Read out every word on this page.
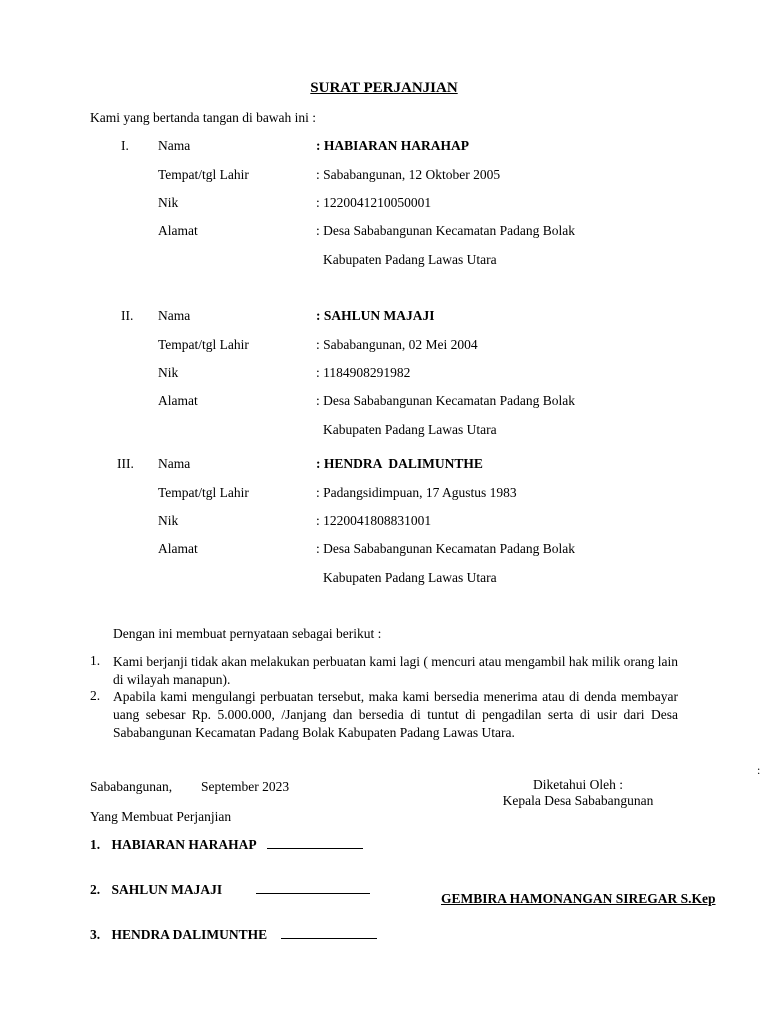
SURAT PERJANJIAN
Kami yang bertanda tangan di bawah ini :
I. Nama	: HABIARAN HARAHAP
Tempat/tgl Lahir	: Sababangunan, 12 Oktober 2005
Nik	: 1220041210050001
Alamat	: Desa Sababangunan Kecamatan Padang Bolak
Kabupaten Padang Lawas Utara
II. Nama	: SAHLUN MAJAJI
Tempat/tgl Lahir	: Sababangunan, 02 Mei 2004
Nik	: 1184908291982
Alamat	: Desa Sababangunan Kecamatan Padang Bolak
Kabupaten Padang Lawas Utara
III. Nama	: HENDRA  DALIMUNTHE
Tempat/tgl Lahir	: Padangsidimpuan, 17 Agustus 1983
Nik	: 1220041808831001
Alamat	: Desa Sababangunan Kecamatan Padang Bolak
Kabupaten Padang Lawas Utara
Dengan ini membuat pernyataan sebagai berikut :
1. Kami berjanji tidak akan melakukan perbuatan kami lagi ( mencuri atau mengambil hak milik orang lain di wilayah manapun).
2. Apabila kami mengulangi perbuatan tersebut, maka kami bersedia menerima atau di denda membayar uang sebesar Rp. 5.000.000, /Janjang dan bersedia di tuntut di pengadilan serta di usir dari Desa Sababangunan Kecamatan Padang Bolak Kabupaten Padang Lawas Utara.
:
Sababangunan, September 2023
Yang Membuat Perjanjian
Diketahui Oleh :
Kepala Desa Sababangunan
1. HABIARAN HARAHAP
2. SAHLUN MAJAJI
3. HENDRA DALIMUNTHE
GEMBIRA HAMONANGAN SIREGAR S.Kep
